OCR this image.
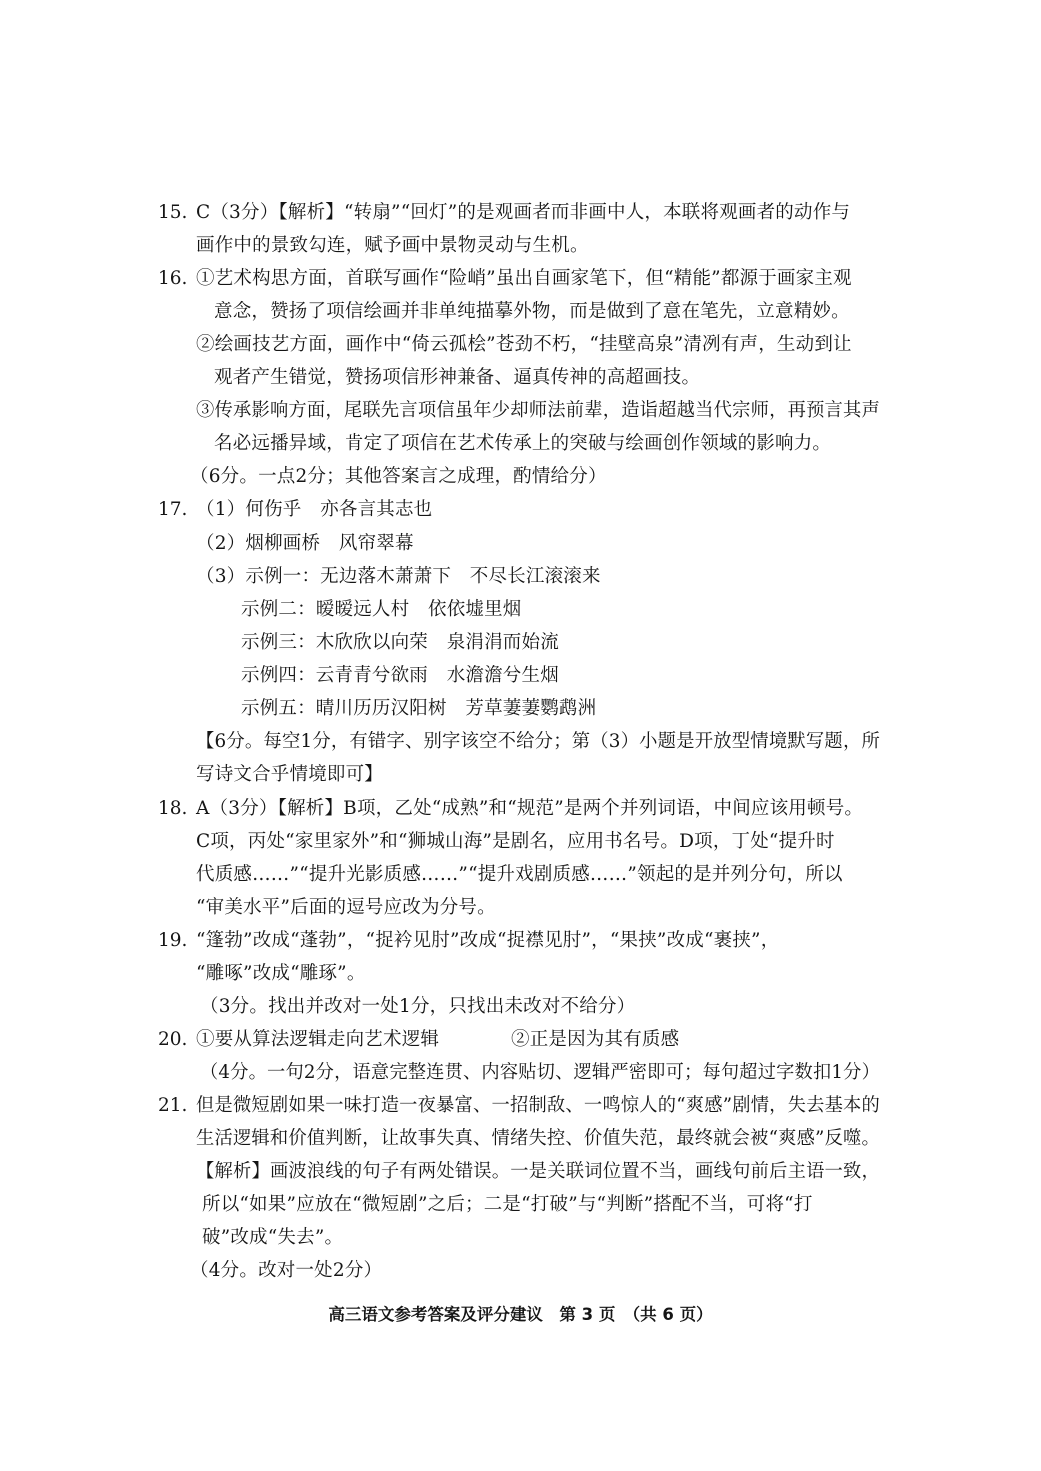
15. C（3分）【解析】“转扇”“回灯”的是观画者而非画中人，本联将观画者的动作与
画作中的景致勾连，赋予画中景物灵动与生机。
16. ①艺术构思方面，首联写画作“险峭”虽出自画家笔下，但“精能”都源于画家主观
意念，赞扬了项信绘画并非单纯描摹外物，而是做到了意在笔先，立意精妙。
②绘画技艺方面，画作中“倚云孤桧”苍劲不朽，“挂壁高泉”清冽有声，生动到让
观者产生错觉，赞扬项信形神兼备、逼真传神的高超画技。
③传承影响方面，尾联先言项信虽年少却师法前辈，造诣超越当代宗师，再预言其声
名必远播异域，肯定了项信在艺术传承上的突破与绘画创作领域的影响力。
（6分。一点2分；其他答案言之成理，酌情给分）
17. （1）何伤乎　亦各言其志也
（2）烟柳画桥　风帘翠幕
（3）示例一：无边落木萧萧下　不尽长江滚滚来
示例二：暧暧远人村　依依墟里烟
示例三：木欣欣以向荣　泉涓涓而始流
示例四：云青青兮欲雨　水澹澹兮生烟
示例五：晴川历历汉阳树　芳草萋萋鹦鹉洲
【6分。每空1分，有错字、别字该空不给分；第（3）小题是开放型情境默写题，所
写诗文合乎情境即可】
18. A（3分）【解析】B项，乙处“成熟”和“规范”是两个并列词语，中间应该用顿号。
C项，丙处“家里家外”和“狮城山海”是剧名，应用书名号。D项，丁处“提升时
代质感……”“提升光影质感……”“提升戏剧质感……”领起的是并列分句，所以
“审美水平”后面的逗号应改为分号。
19. “篷勃”改成“蓬勃”，“捉衿见肘”改成“捉襟见肘”，“果挟”改成“裹挟”，
“雕啄”改成“雕琢”。
（3分。找出并改对一处1分，只找出未改对不给分）
20. ①要从算法逻辑走向艺术逻辑	②正是因为其有质感
（4分。一句2分，语意完整连贯、内容贴切、逻辑严密即可；每句超过字数扣1分）
21. 但是微短剧如果一味打造一夜暴富、一招制敌、一鸣惊人的“爽感”剧情，失去基本的
生活逻辑和价值判断，让故事失真、情绪失控、价值失范，最终就会被“爽感”反噬。
【解析】画波浪线的句子有两处错误。一是关联词位置不当，画线句前后主语一致，
所以“如果”应放在“微短剧”之后；二是“打破”与“判断”搭配不当，可将“打
破”改成“失去”。
（4分。改对一处2分）
高三语文参考答案及评分建议　第 3 页　（共 6 页）
